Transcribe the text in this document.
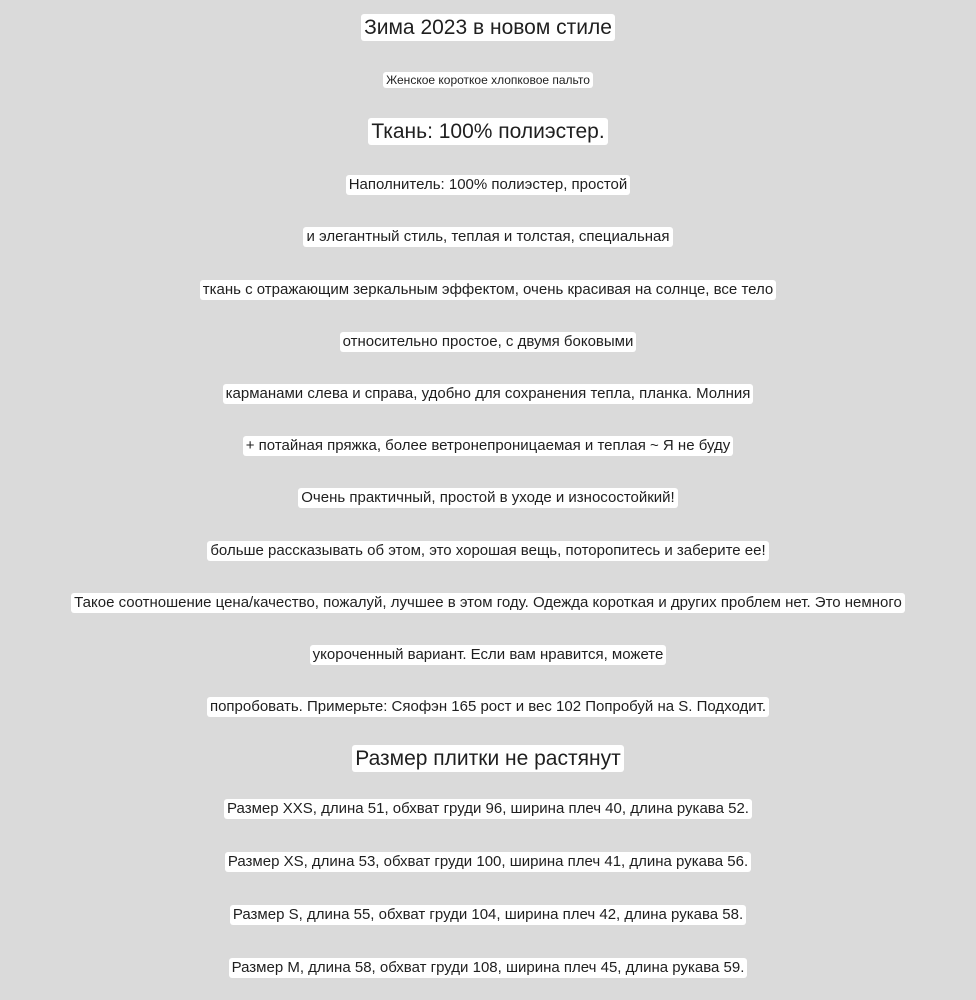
Зима 2023 в новом стиле
Женское короткое хлопковое пальто
Ткань: 100% полиэстер.
Наполнитель: 100% полиэстер, простой
и элегантный стиль, теплая и толстая, специальная
ткань с отражающим зеркальным эффектом, очень красивая на солнце, все тело
относительно простое, с двумя боковыми
карманами слева и справа, удобно для сохранения тепла, планка. Молния
+ потайная пряжка, более ветронепроницаемая и теплая ~ Я не буду
Очень практичный, простой в уходе и износостойкий!
больше рассказывать об этом, это хорошая вещь, поторопитесь и заберите ее!
Такое соотношение цена/качество, пожалуй, лучшее в этом году. Одежда короткая и других проблем нет. Это немного
укороченный вариант. Если вам нравится, можете
попробовать. Примерьте: Сяофэн 165 рост и вес 102 Попробуй на S. Подходит.
Размер плитки не растянут
Размер XXS, длина 51, обхват груди 96, ширина плеч 40, длина рукава 52.
Размер XS, длина 53, обхват груди 100, ширина плеч 41, длина рукава 56.
Размер S, длина 55, обхват груди 104, ширина плеч 42, длина рукава 58.
Размер M, длина 58, обхват груди 108, ширина плеч 45, длина рукава 59.
